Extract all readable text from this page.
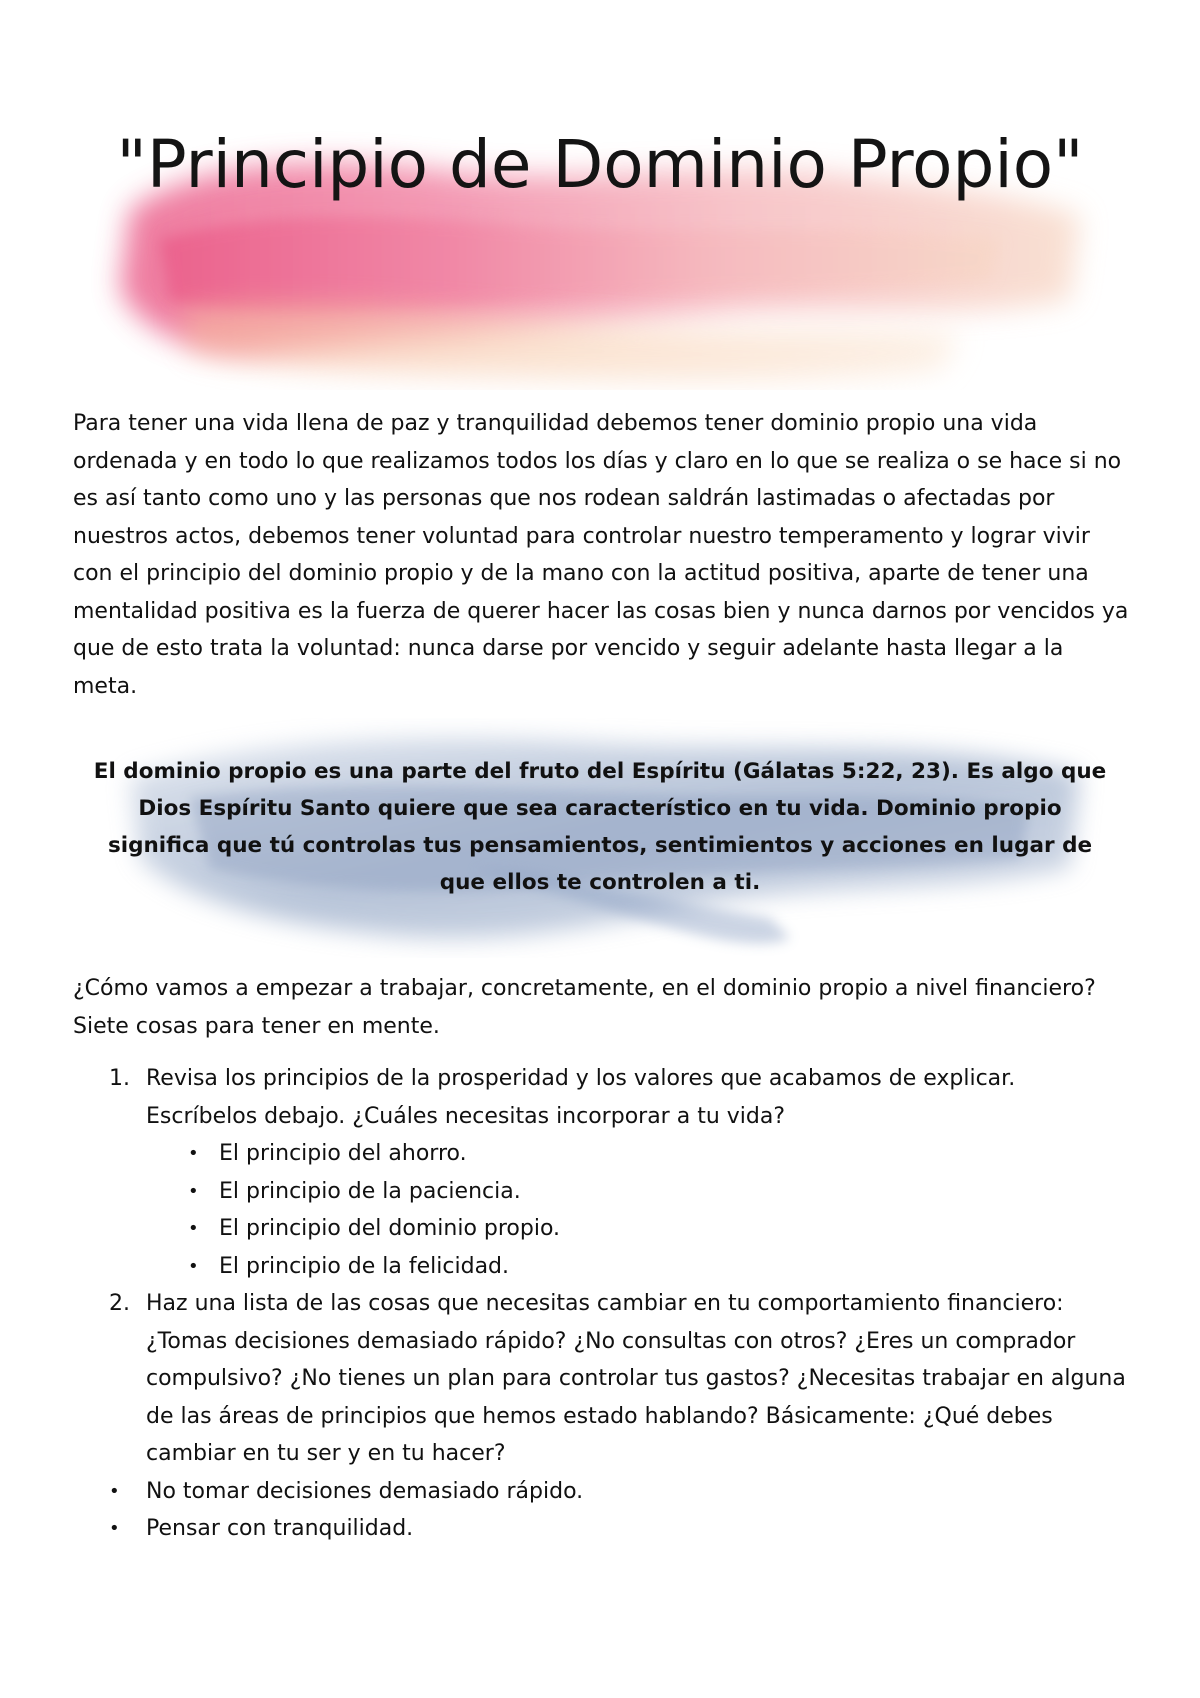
"Principio de Dominio Propio"

Para tener una vida llena de paz y tranquilidad debemos tener dominio propio una vida ordenada y en todo lo que realizamos todos los días y claro en lo que se realiza o se hace si no es así tanto como uno y las personas que nos rodean saldrán lastimadas o afectadas por nuestros actos, debemos tener voluntad para controlar nuestro temperamento y lograr vivir con el principio del dominio propio y de la mano con la actitud positiva, aparte de tener una mentalidad positiva es la fuerza de querer hacer las cosas bien y nunca darnos por vencidos ya que de esto trata la voluntad: nunca darse por vencido y seguir adelante hasta llegar a la meta.

El dominio propio es una parte del fruto del Espíritu (Gálatas 5:22, 23). Es algo que Dios Espíritu Santo quiere que sea característico en tu vida. Dominio propio significa que tú controlas tus pensamientos, sentimientos y acciones en lugar de que ellos te controlen a ti.

¿Cómo vamos a empezar a trabajar, concretamente, en el dominio propio a nivel financiero? Siete cosas para tener en mente.

1. Revisa los principios de la prosperidad y los valores que acabamos de explicar. Escríbelos debajo. ¿Cuáles necesitas incorporar a tu vida?
• El principio del ahorro.
• El principio de la paciencia.
• El principio del dominio propio.
• El principio de la felicidad.
2. Haz una lista de las cosas que necesitas cambiar en tu comportamiento financiero: ¿Tomas decisiones demasiado rápido? ¿No consultas con otros? ¿Eres un comprador compulsivo? ¿No tienes un plan para controlar tus gastos? ¿Necesitas trabajar en alguna de las áreas de principios que hemos estado hablando? Básicamente: ¿Qué debes cambiar en tu ser y en tu hacer?
• No tomar decisiones demasiado rápido.
• Pensar con tranquilidad.
